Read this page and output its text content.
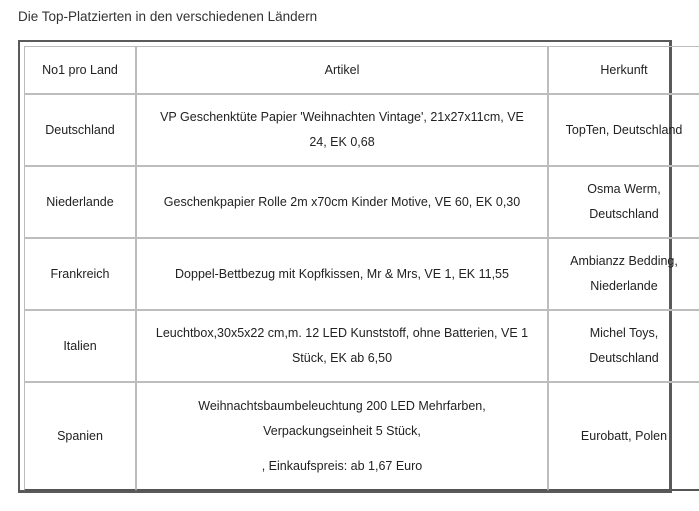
Die Top-Platzierten in den verschiedenen Ländern
No1 pro Land	Artikel	Herkunft
Deutschland	VP Geschenktüte Papier 'Weihnachten Vintage', 21x27x11cm, VE
24, EK 0,68	TopTen, Deutschland

Niederlande	Geschenkpapier Rolle 2m x70cm Kinder Motive, VE 60, EK 0,30	Osma Werm,
Deutschland

Frankreich	Doppel-Bettbezug mit Kopfkissen, Mr & Mrs, VE 1, EK 11,55	Ambianzz Bedding,
Niederlande

Italien	Leuchtbox,30x5x22 cm,m. 12 LED Kunststoff, ohne Batterien, VE 1
Stück, EK ab 6,50	Michel Toys,
Deutschland

Spanien	Weihnachtsbaumbeleuchtung 200 LED Mehrfarben,
Verpackungseinheit 5 Stück,
, Einkaufspreis: ab 1,67 Euro	Eurobatt, Polen
